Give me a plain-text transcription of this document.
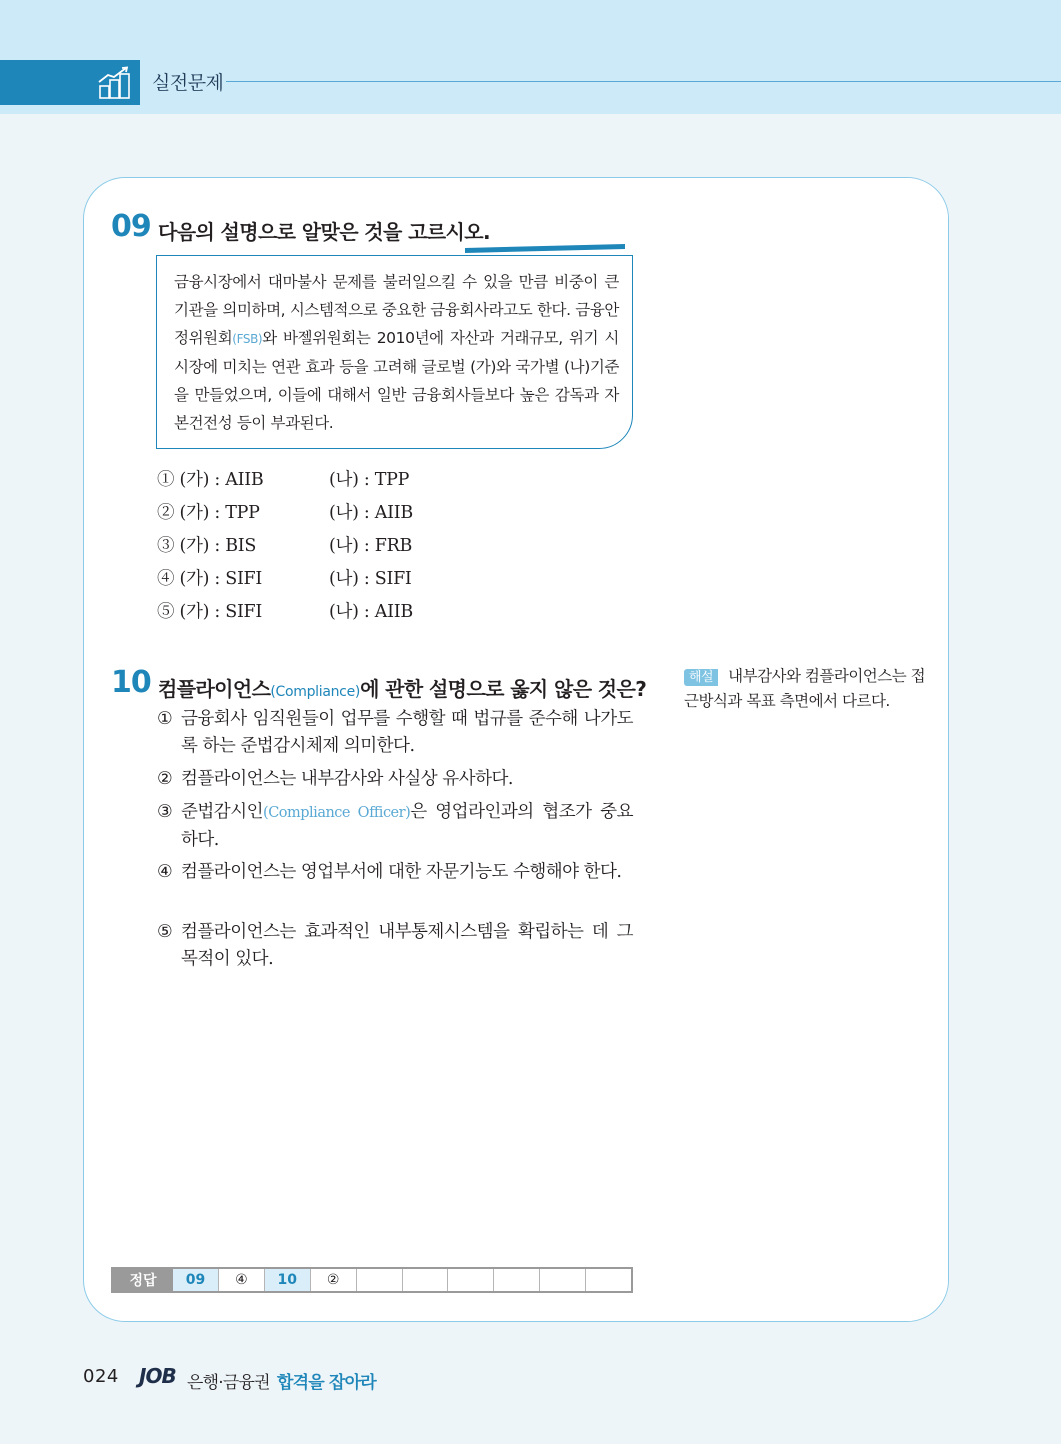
실전문제
09 다음의 설명으로 알맞은 것을 고르시오.
금융시장에서 대마불사 문제를 불러일으킬 수 있을 만큼 비중이 큰 기관을 의미하며, 시스템적으로 중요한 금융회사라고도 한다. 금융안정위원회(FSB)와 바젤위원회는 2010년에 자산과 거래규모, 위기 시 시장에 미치는 연관 효과 등을 고려해 글로벌 (가)와 국가별 (나)기준을 만들었으며, 이들에 대해서 일반 금융회사들보다 높은 감독과 자본건전성 등이 부과된다.
① (가) : AIIB	(나) : TPP
② (가) : TPP	(나) : AIIB
③ (가) : BIS	(나) : FRB
④ (가) : SIFI	(나) : SIFI
⑤ (가) : SIFI	(나) : AIIB
10 컴플라이언스(Compliance)에 관한 설명으로 옳지 않은 것은?
① 금융회사 임직원들이 업무를 수행할 때 법규를 준수해 나가도록 하는 준법감시체제 의미한다.
② 컴플라이언스는 내부감사와 사실상 유사하다.
③ 준법감시인(Compliance Officer)은 영업라인과의 협조가 중요하다.
④ 컴플라이언스는 영업부서에 대한 자문기능도 수행해야 한다.
⑤ 컴플라이언스는 효과적인 내부통제시스템을 확립하는 데 그 목적이 있다.
해설 내부감사와 컴플라이언스는 접근방식과 목표 측면에서 다르다.
정답	09	④	10	②
024 JOB 은행·금융권 합격을 잡아라
